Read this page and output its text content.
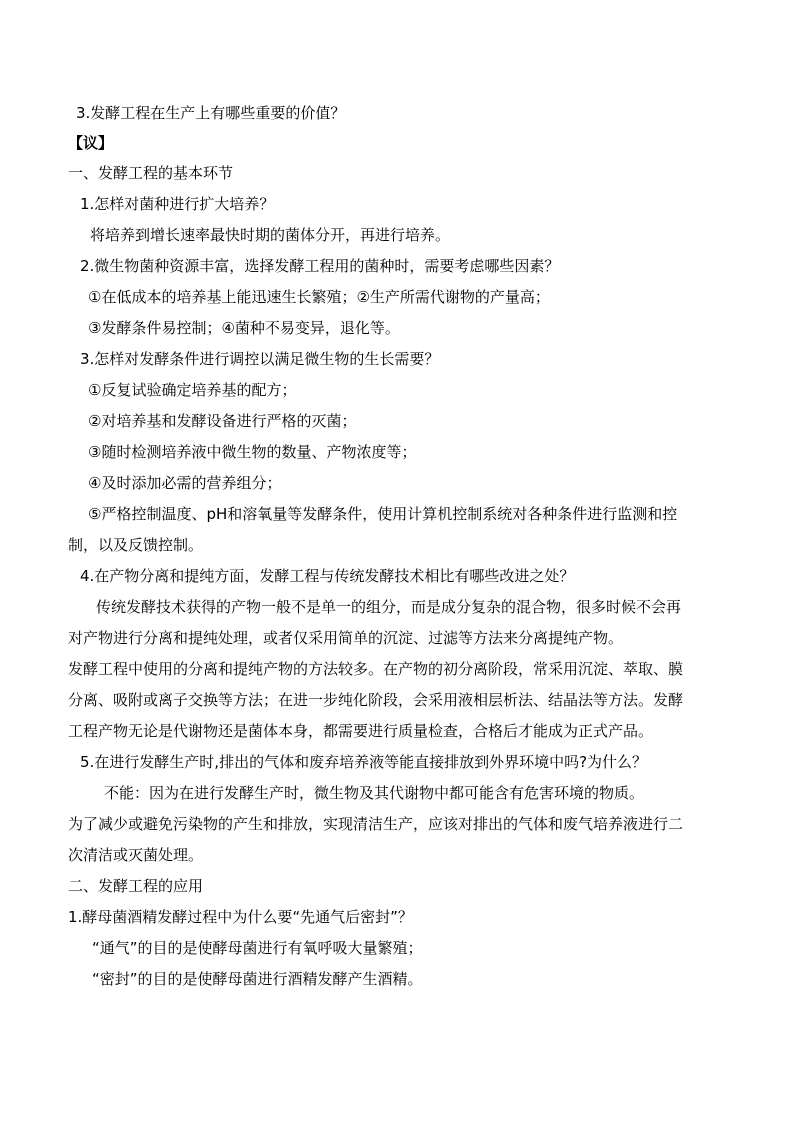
3.发酵工程在生产上有哪些重要的价值？
【议】
一、发酵工程的基本环节
1.怎样对菌种进行扩大培养？
将培养到增长速率最快时期的菌体分开，再进行培养。
2.微生物菌种资源丰富，选择发酵工程用的菌种时，需要考虑哪些因素？
①在低成本的培养基上能迅速生长繁殖；②生产所需代谢物的产量高；
③发酵条件易控制；④菌种不易变异，退化等。
3.怎样对发酵条件进行调控以满足微生物的生长需要？
①反复试验确定培养基的配方；
②对培养基和发酵设备进行严格的灭菌；
③随时检测培养液中微生物的数量、产物浓度等；
④及时添加必需的营养组分；
⑤严格控制温度、pH和溶氧量等发酵条件，使用计算机控制系统对各种条件进行监测和控
制，以及反馈控制。
4.在产物分离和提纯方面，发酵工程与传统发酵技术相比有哪些改进之处？
传统发酵技术获得的产物一般不是单一的组分，而是成分复杂的混合物，很多时候不会再
对产物进行分离和提纯处理，或者仅采用简单的沉淀、过滤等方法来分离提纯产物。
发酵工程中使用的分离和提纯产物的方法较多。在产物的初分离阶段，常采用沉淀、萃取、膜
分离、吸附或离子交换等方法；在进一步纯化阶段，会采用液相层析法、结晶法等方法。发酵
工程产物无论是代谢物还是菌体本身，都需要进行质量检查，合格后才能成为正式产品。
5.在进行发酵生产时,排出的气体和废弃培养液等能直接排放到外界环境中吗?为什么？
不能：因为在进行发酵生产时，微生物及其代谢物中都可能含有危害环境的物质。
为了减少或避免污染物的产生和排放，实现清洁生产，应该对排出的气体和废气培养液进行二
次清洁或灭菌处理。
二、发酵工程的应用
1.酵母菌酒精发酵过程中为什么要“先通气后密封”？
“通气”的目的是使酵母菌进行有氧呼吸大量繁殖；
“密封”的目的是使酵母菌进行酒精发酵产生酒精。
